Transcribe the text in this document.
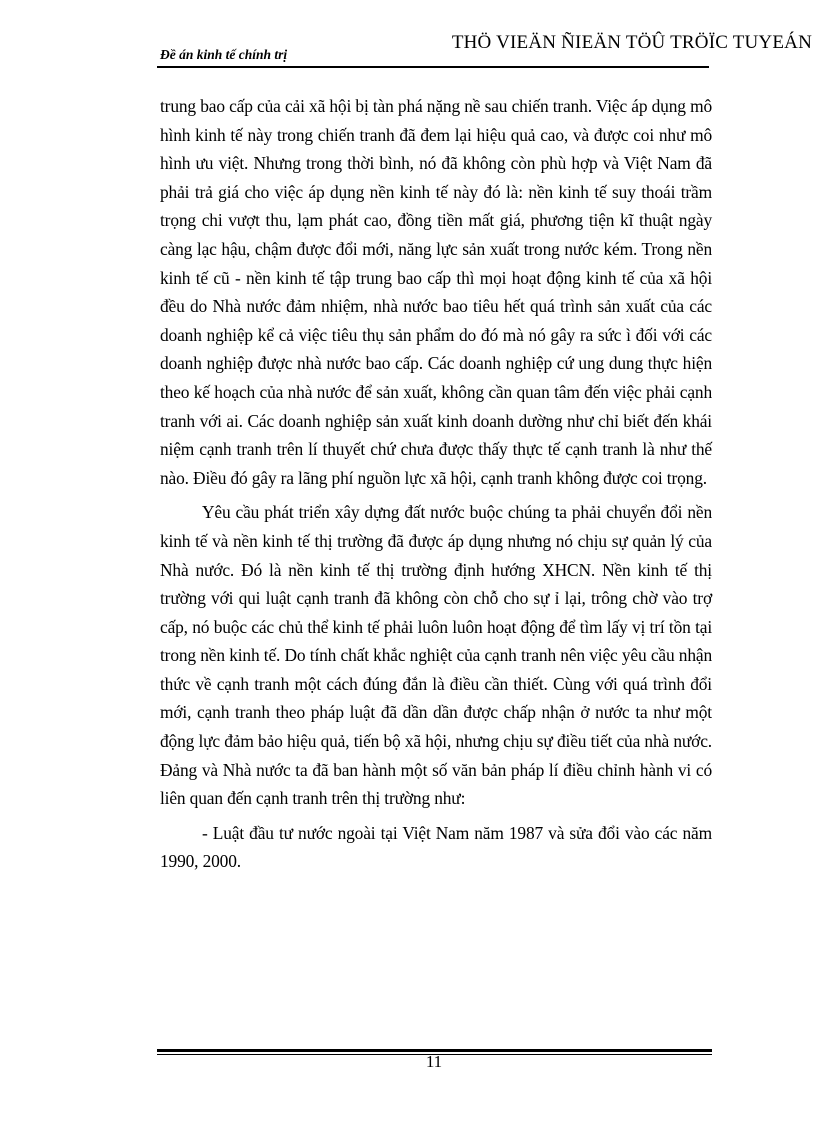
Đề án kinh tế chính trị
THÖ VIEÄN ÑIEÄN TÖÛ TRÖÏC TUYEÁN

trung bao cấp của cải xã hội bị tàn phá nặng nề sau chiến tranh. Việc áp dụng mô hình kinh tế này trong chiến tranh đã đem lại hiệu quả cao, và được coi như mô hình ưu việt. Nhưng trong thời bình, nó đã không còn phù hợp và Việt Nam đã phải trả giá cho việc áp dụng nền kinh tế này đó là: nền kinh tế suy thoái trầm trọng chi vượt thu, lạm phát cao, đồng tiền mất giá, phương tiện kĩ thuật ngày càng lạc hậu, chậm được đổi mới, năng lực sản xuất trong nước kém. Trong nền kinh tế cũ - nền kinh tế tập trung bao cấp thì mọi hoạt động kinh tế của xã hội đều do Nhà nước đảm nhiệm, nhà nước bao tiêu hết quá trình sản xuất của các doanh nghiệp kể cả việc tiêu thụ sản phẩm do đó mà nó gây ra sức ì đối với các doanh nghiệp được nhà nước bao cấp. Các doanh nghiệp cứ ung dung thực hiện theo kế hoạch của nhà nước để sản xuất, không cần quan tâm đến việc phải cạnh tranh với ai. Các doanh nghiệp sản xuất kinh doanh dường như chỉ biết đến khái niệm cạnh tranh trên lí thuyết chứ chưa được thấy thực tế cạnh tranh là như thế nào. Điều đó gây ra lãng phí nguồn lực xã hội, cạnh tranh không được coi trọng.

Yêu cầu phát triển xây dựng đất nước buộc chúng ta phải chuyển đổi nền kinh tế và nền kinh tế thị trường đã được áp dụng nhưng nó chịu sự quản lý của Nhà nước. Đó là nền kinh tế thị trường định hướng XHCN. Nền kinh tế thị trường với qui luật cạnh tranh đã không còn chỗ cho sự ỉ lại, trông chờ vào trợ cấp, nó buộc các chủ thể kinh tế phải luôn luôn hoạt động để tìm lấy vị trí tồn tại trong nền kinh tế. Do tính chất khắc nghiệt của cạnh tranh nên việc yêu cầu nhận thức về cạnh tranh một cách đúng đắn là điều cần thiết. Cùng với quá trình đổi mới, cạnh tranh theo pháp luật đã dần dần được chấp nhận ở nước ta như một động lực đảm bảo hiệu quả, tiến bộ xã hội, nhưng chịu sự điều tiết của nhà nước. Đảng và Nhà nước ta đã ban hành một số văn bản pháp lí điều chỉnh hành vi có liên quan đến cạnh tranh trên thị trường như:

- Luật đầu tư nước ngoài tại Việt Nam năm 1987 và sửa đổi vào các năm 1990, 2000.

11
